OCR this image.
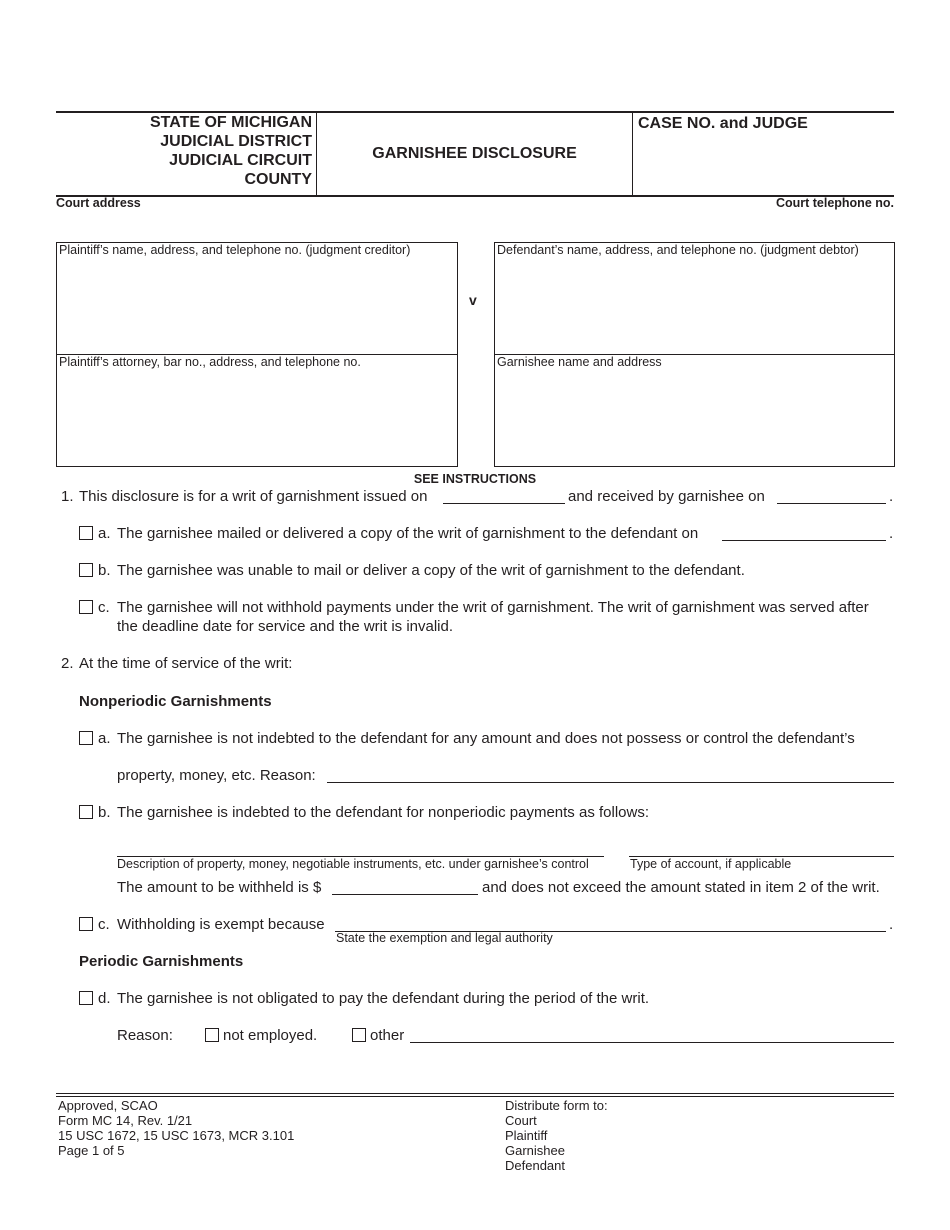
STATE OF MICHIGAN
JUDICIAL DISTRICT
JUDICIAL CIRCUIT
COUNTY
GARNISHEE DISCLOSURE
CASE NO. and JUDGE
Court address	Court telephone no.
Plaintiff’s name, address, and telephone no. (judgment creditor)
Plaintiff’s attorney, bar no., address, and telephone no.
v
Defendant’s name, address, and telephone no. (judgment debtor)
Garnishee name and address
SEE INSTRUCTIONS
1. This disclosure is for a writ of garnishment issued on	and received by garnishee on	.
a. The garnishee mailed or delivered a copy of the writ of garnishment to the defendant on	.
b. The garnishee was unable to mail or deliver a copy of the writ of garnishment to the defendant.
c. The garnishee will not withhold payments under the writ of garnishment. The writ of garnishment was served after
the deadline date for service and the writ is invalid.
2. At the time of service of the writ:
Nonperiodic Garnishments
a. The garnishee is not indebted to the defendant for any amount and does not possess or control the defendant’s
property, money, etc. Reason:
b. The garnishee is indebted to the defendant for nonperiodic payments as follows:
Description of property, money, negotiable instruments, etc. under garnishee’s control	Type of account, if applicable
The amount to be withheld is $	and does not exceed the amount stated in item 2 of the writ.
c. Withholding is exempt because	.
State the exemption and legal authority
Periodic Garnishments
d. The garnishee is not obligated to pay the defendant during the period of the writ.
Reason:	not employed.	other
Approved, SCAO
Form MC 14, Rev. 1/21
15 USC 1672, 15 USC 1673, MCR 3.101
Page 1 of 5
Distribute form to:
Court
Plaintiff
Garnishee
Defendant
